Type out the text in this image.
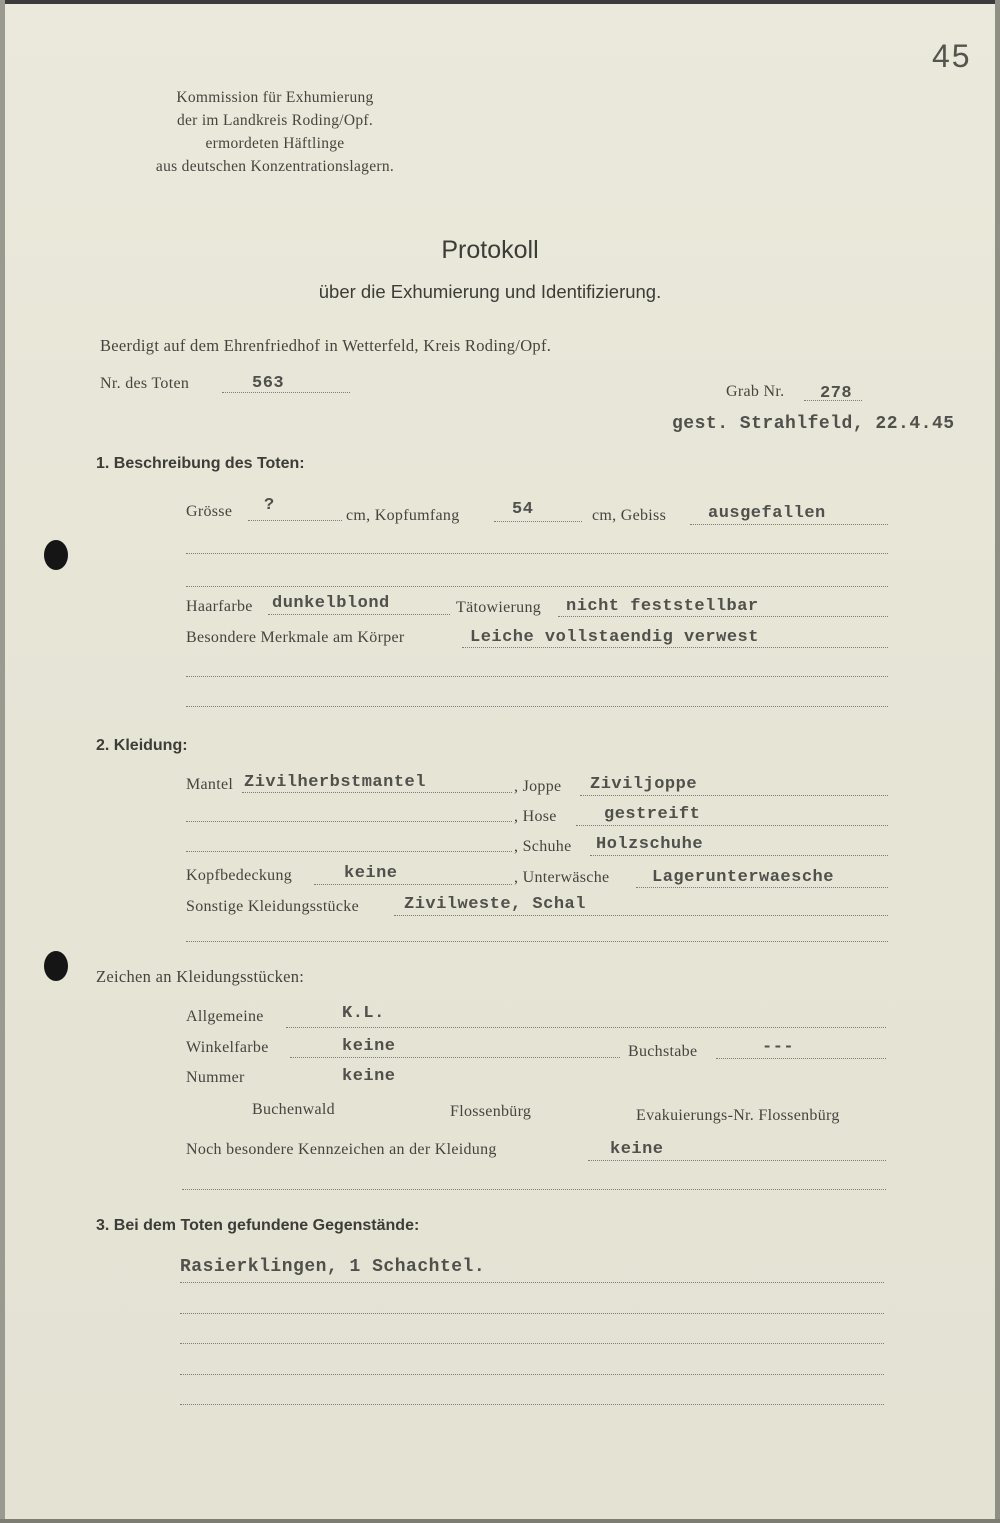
45
Kommission für Exhumierung
der im Landkreis Roding/Opf.
ermordeten Häftlinge
aus deutschen Konzentrationslagern.
Protokoll
über die Exhumierung und Identifizierung.
Beerdigt auf dem Ehrenfriedhof in Wetterfeld, Kreis Roding/Opf.
Nr. des Toten	563	Grab Nr. 278
gest. Strahlfeld, 22.4.45
1. Beschreibung des Toten:
Grösse ?
cm, Kopfumfang	54	cm, Gebiss ausgefallen
Haarfarbe dunkelblond	Tätowierung nicht feststellbar
Besondere Merkmale am Körper	Leiche vollstaendig verwest
2. Kleidung:
Mantel Zivilherbstmantel	, Joppe Ziviljoppe
, Hose	gestreift
, Schuhe Holzschuhe
Kopfbedeckung	keine	, Unterwäsche	Lagerunterwaesche
Sonstige Kleidungsstücke	Zivilweste, Schal
Zeichen an Kleidungsstücken:
Allgemeine	K.L.
Winkelfarbe	keine	Buchstabe	---
Nummer	keine
Buchenwald	Flossenbürg	Evakuierungs-Nr. Flossenbürg
Noch besondere Kennzeichen an der Kleidung	keine
3. Bei dem Toten gefundene Gegenstände:
Rasierklingen, 1 Schachtel.
